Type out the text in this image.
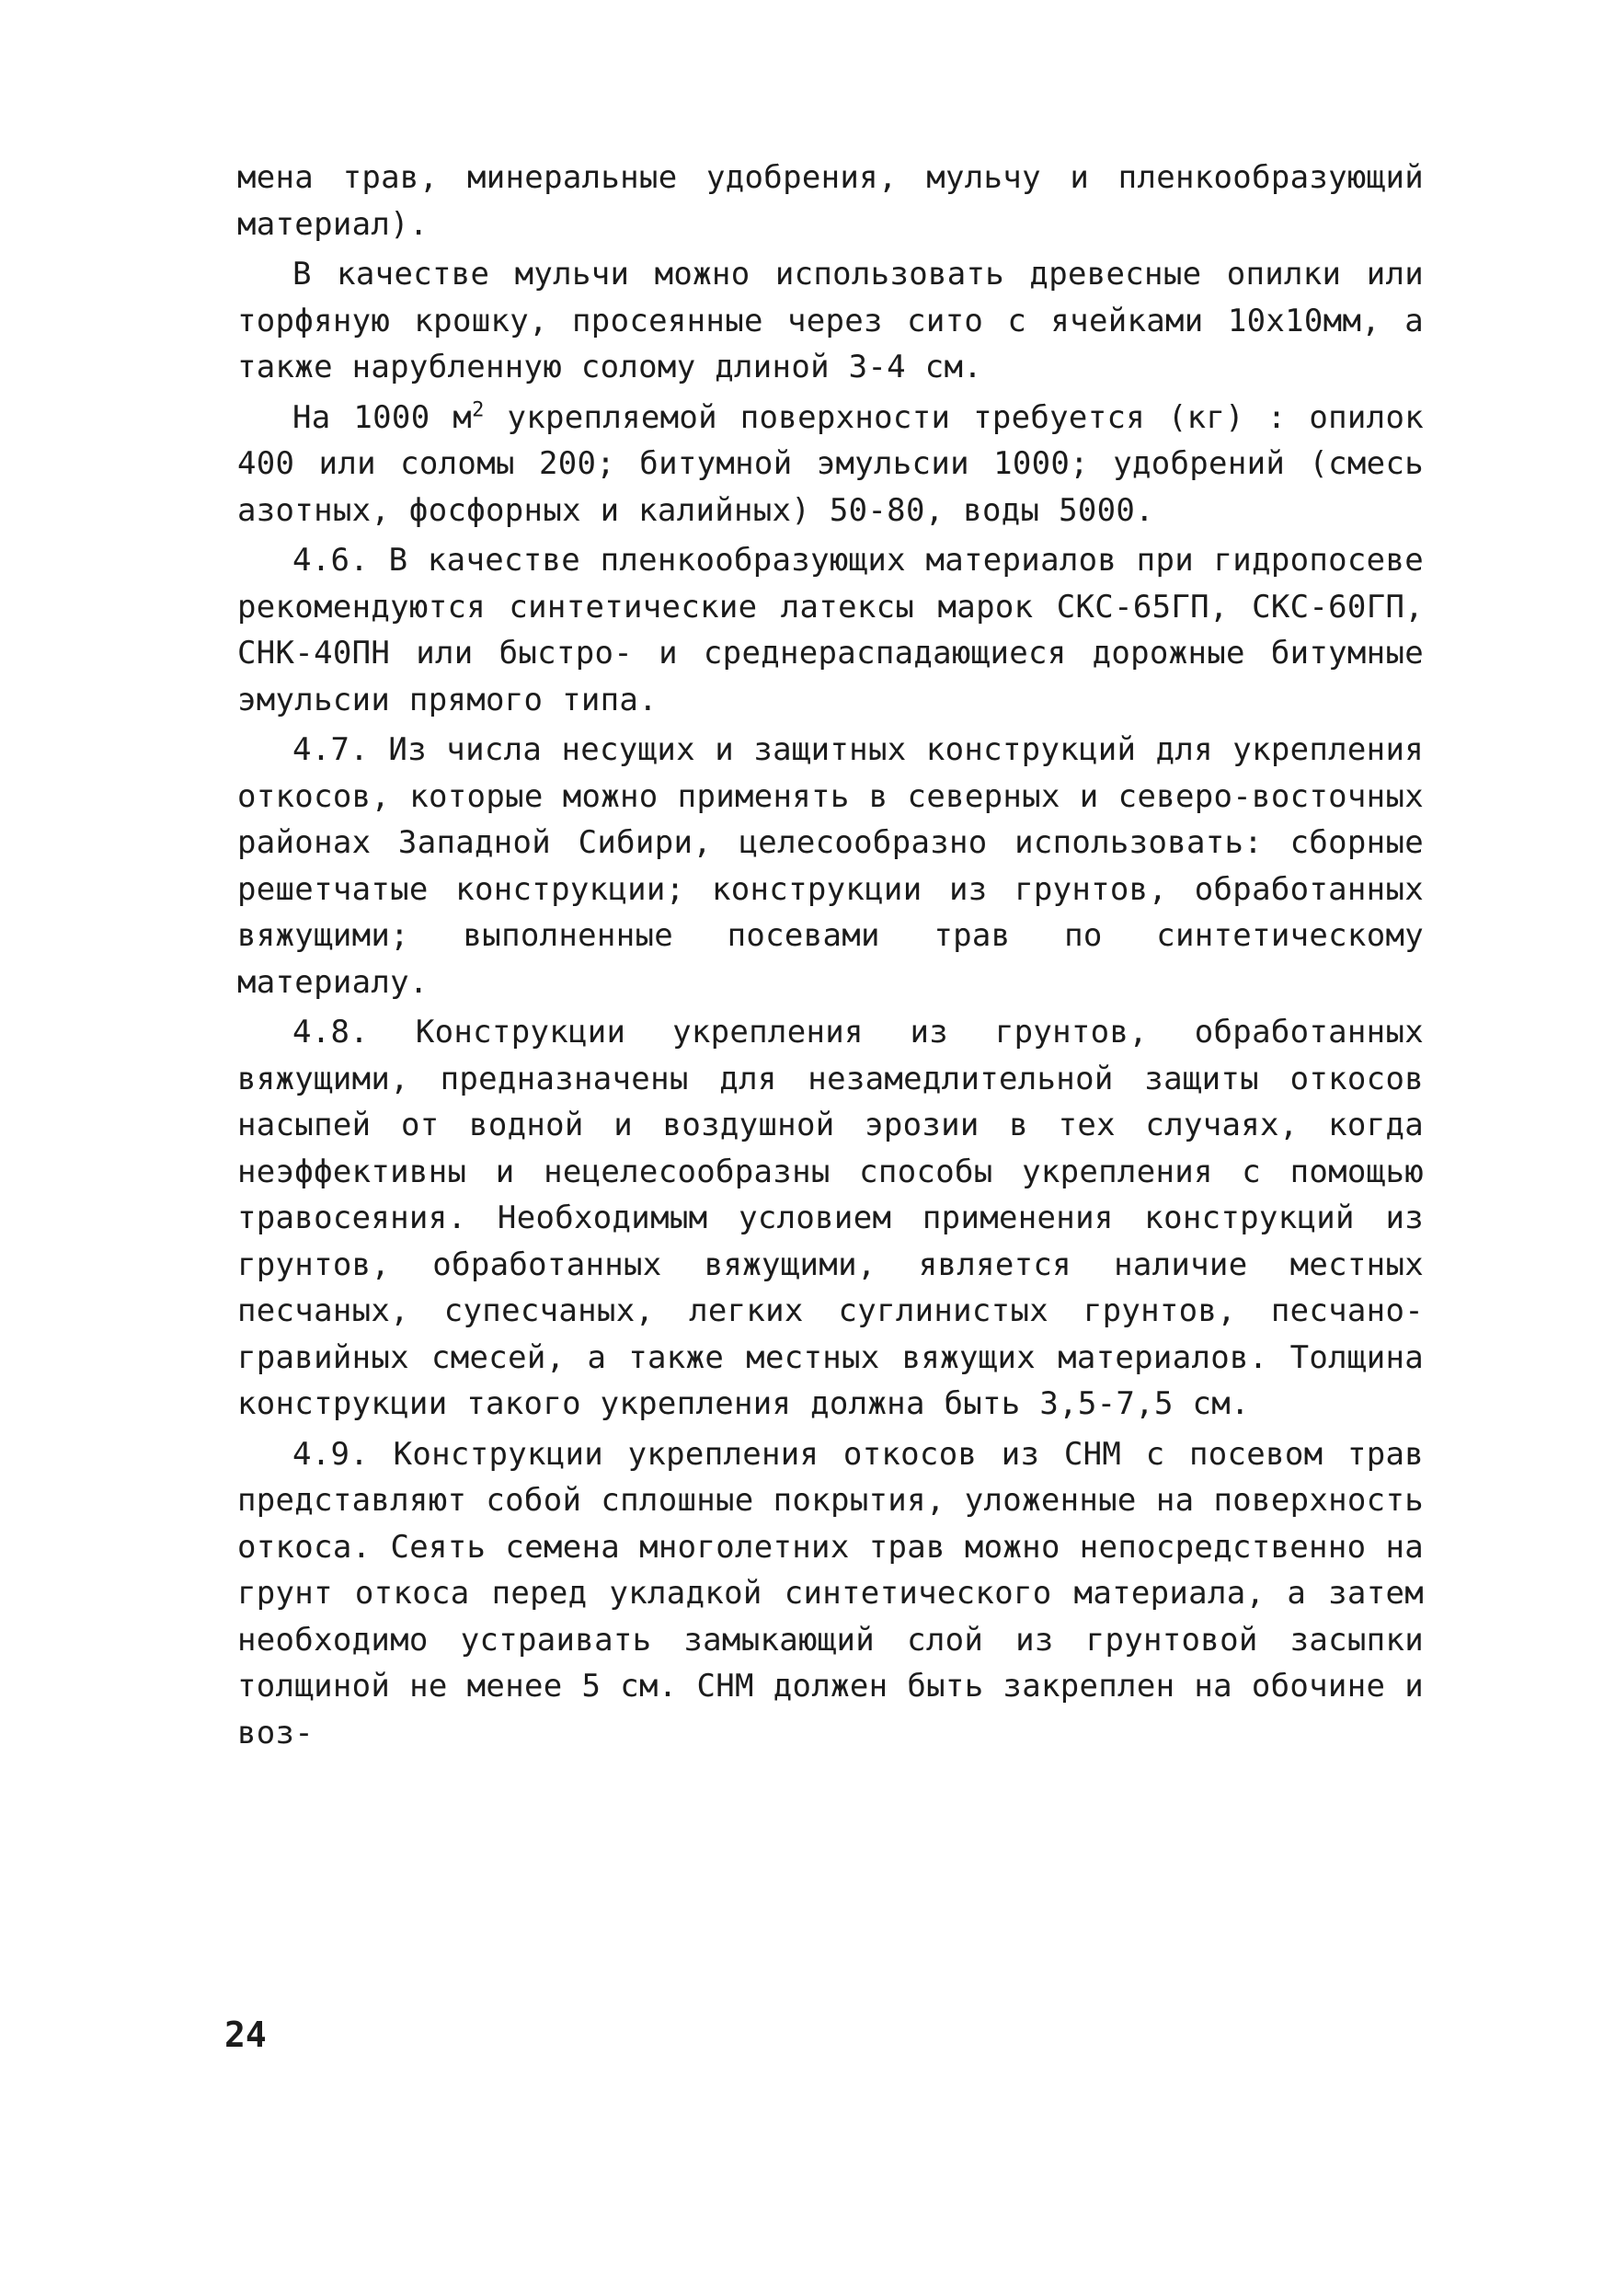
мена трав, минеральные удобрения, мульчу и пленкообразующий материал).

В качестве мульчи можно использовать древесные опилки или торфяную крошку, просеянные через сито с ячейками 10х10мм, а также нарубленную солому длиной 3-4 см.

На 1000 $м^2$ укрепляемой поверхности требуется (кг) : опилок 400 или соломы 200; битумной эмульсии 1000; удобрений (смесь азотных, фосфорных и калийных) 50-80, воды 5000.

4.6. В качестве пленкообразующих материалов при гидропосеве рекомендуются синтетические латексы марок СКС-65ГП, СКС-60ГП, СНК-40ПН или быстро- и среднераспадающиеся дорожные битумные эмульсии прямого типа.

4.7. Из числа несущих и защитных конструкций для укрепления откосов, которые можно применять в северных и северо-восточных районах Западной Сибири, целесообразно использовать: сборные решетчатые конструкции; конструкции из грунтов, обработанных вяжущими; выполненные посевами трав по синтетическому материалу.

4.8. Конструкции укрепления из грунтов, обработанных вяжущими, предназначены для незамедлительной защиты откосов насыпей от водной и воздушной эрозии в тех случаях, когда неэффективны и нецелесообразны способы укрепления с помощью травосеяния. Необходимым условием применения конструкций из грунтов, обработанных вяжущими, является наличие местных песчаных, супесчаных, легких суглинистых грунтов, песчано-гравийных смесей, а также местных вяжущих материалов. Толщина конструкции такого укрепления должна быть 3,5-7,5 см.

4.9. Конструкции укрепления откосов из СНМ с посевом трав представляют собой сплошные покрытия, уложенные на поверхность откоса. Сеять семена многолетних трав можно непосредственно на грунт откоса перед укладкой синтетического материала, а затем необходимо устраивать замыкающий слой из грунтовой засыпки толщиной не менее 5 см. СНМ должен быть закреплен на обочине и воз-

24
